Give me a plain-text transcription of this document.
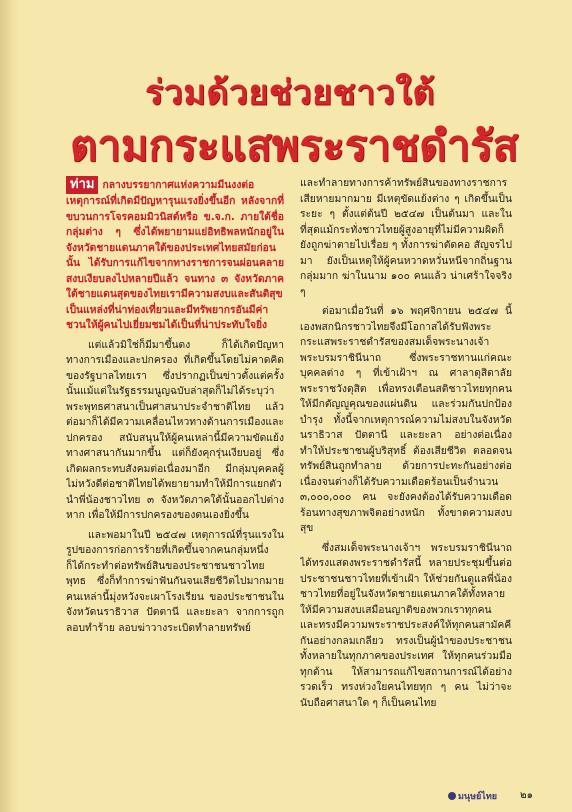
ร่วมด้วยช่วยชาวใต้
ตามกระแสพระราชดำรัส

ท่าม กลางบรรยากาศแห่งความมีนงงต่อเหตุการณ์ที่เกิดมีปัญหารุนแรงยิ่งขึ้นอีก หลังจากที่ขบวนการโจรคอมมิวนิสต์หรือ ข.จ.ก. ภายใต้ชื่อกลุ่มต่าง ๆ ซึ่งได้พยายามแย่อิทธิพลหนักอยู่ในจังหวัดชายแดนภาคใต้ของประเทศไทยสมัยก่อนนั้น ได้รับการแก้ไขจากทางราชการจนผ่อนคลายสงบเงียบลงไปหลายปีแล้ว จนทาง ๓ จังหวัดภาคใต้ชายแดนสุดของไทยเรามีความสงบและสันติสุข เป็นแหล่งที่น่าท่องเที่ยวและมีทรัพยากรอันมีค่า ชวนให้ผู้คนไปเยี่ยมชมได้เป็นที่น่าประทับใจยิ่ง

แต่แล้วมิใช่ก็มีมาขึ้นดง ก็ได้เกิดปัญหาทางการเมืองและปกครอง ที่เกิดขึ้นโดยไม่คาดคิดของรัฐบาลไทยเรา ซึ่งปรากฏเป็นข่าวตั้งแต่ครั้งนั้นแม้แต่ในรัฐธรรมนูญฉบับล่าสุดก็ไม่ได้ระบุว่า พระพุทธศาสนาเป็นศาสนาประจำชาติไทย แล้วต่อมาก็ได้มีความเคลื่อนไหวทางด้านการเมืองและปกครอง สนับสนุนให้ผู้คนเหล่านี้มีความขัดแย้งทางศาสนากันมากขึ้น แต่ก็ยังคุกรุ่นเงียบอยู่ ซึ่งเกิดผลกระทบสังคมต่อเนื่องมาอีก มีกลุ่มบุคคลผู้ไม่หวังดีต่อชาติไทยได้พยายามทำให้มีการแยกตัว นำพี่น้องชาวไทย ๓ จังหวัดภาคใต้นั้นออกไปต่างหาก เพื่อให้มีการปกครองของตนเองยิ่งขึ้น

และพอมาในปี ๒๕๔๗ เหตุการณ์ที่รุนแรงในรูปของการก่อการร้ายที่เกิดขึ้นจากคนกลุ่มหนึ่ง ก็ได้กระทำต่อทรัพย์สินของประชาชนชาวไทยพุทธ ซึ่งก็ทำการฆ่าฟันกันจนเสียชีวิตไปมากมาย คนเหล่านี้มุ่งหวังจะเผาโรงเรียน ของประชาชนในจังหวัดนราธิวาส ปัตตานี และยะลา จากการถูกลอบทำร้าย ลอบฆ่าวางระเบิดทำลายทรัพย์

และทำลายทางการค้าทรัพย์สินของทางราชการเสียหายมากมาย มีเหตุขัดแย้งต่าง ๆ เกิดขึ้นเป็นระยะ ๆ ตั้งแต่ต้นปี ๒๕๔๗ เป็นต้นมา และในที่สุดแม้กระทั่งชาวไทยผู้สูงอายุที่ไม่มีความผิดก็ยังถูกฆ่าตายไปเรื่อย ๆ ทั้งการฆ่าตัดคอ สัญจรไปมา ยังเป็นเหตุให้ผู้คนหวาดหวั่นหนีจากถิ่นฐานกลุ่มมาก ฆ่าในนาม ๑๐๐ คนแล้ว น่าเศร้าใจจริง ๆ

ต่อมาเมื่อวันที่ ๑๖ พฤศจิกายน ๒๕๔๗ นี้เองพสกนิกรชาวไทยจึงมีโอกาสได้รับฟังพระกระแสพระราชดำรัสของสมเด็จพระนางเจ้า พระบรมราชินีนาถ ซึ่งพระราชทานแก่คณะบุคคลต่าง ๆ ที่เข้าเฝ้าฯ ณ ศาลาดุสิดาลัย พระราชวังดุสิต เพื่อทรงเตือนสติชาวไทยทุกคน ให้มีกตัญญูคุณของแผ่นดิน และร่วมกันปกป้องบำรุง ทั้งนี้จากเหตุการณ์ความไม่สงบในจังหวัดนราธิวาส ปัตตานี และยะลา อย่างต่อเนื่อง ทำให้ประชาชนผู้บริสุทธิ์ ต้องเสียชีวิต ตลอดจนทรัพย์สินถูกทำลาย ด้วยการปะทะกันอย่างต่อเนื่องจนต่างก็ได้รับความเดือดร้อนเป็นจำนวน ๓,๐๐๐,๐๐๐ คน จะยังคงต้องได้รับความเดือดร้อนทางสุขภาพจิตอย่างหนัก ทั้งขาดความสงบสุข

ซึ่งสมเด็จพระนางเจ้าฯ พระบรมราชินีนาถ ได้ทรงแสดงพระราชดำรัสนี้ หลายประชุมขึ้นต่อประชาชนชาวไทยที่เข้าเฝ้า ให้ช่วยกันดูแลพี่น้องชาวไทยที่อยู่ในจังหวัดชายแดนภาคใต้ทั้งหลายให้มีความสงบเสมือนญาติของพวกเราทุกคน และทรงมีความพระราชประสงค์ให้ทุกคนสามัคคีกันอย่างกลมเกลียว ทรงเป็นผู้นำของประชาชนทั้งหลายในทุกภาคของประเทศ ให้ทุกคนร่วมมือทุกด้าน ให้สามารถแก้ไขสถานการณ์ได้อย่างรวดเร็ว ทรงห่วงใยคนไทยทุก ๆ คน ไม่ว่าจะนับถือศาสนาใด ๆ ก็เป็นคนไทย

มนุษย์ไทย ๒๑
